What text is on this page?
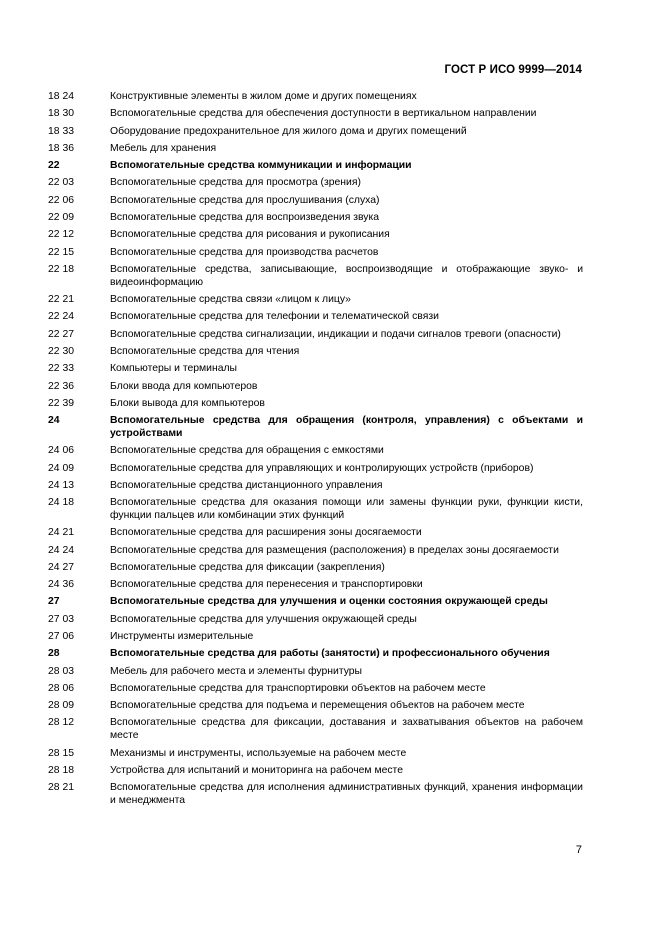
ГОСТ Р ИСО 9999—2014
18 24	Конструктивные элементы в жилом доме и других помещениях
18 30	Вспомогательные средства для обеспечения доступности в вертикальном направлении
18 33	Оборудование предохранительное для жилого дома и других помещений
18 36	Мебель для хранения
22	Вспомогательные средства коммуникации и информации
22 03	Вспомогательные средства для просмотра (зрения)
22 06	Вспомогательные средства для прослушивания (слуха)
22 09	Вспомогательные средства для воспроизведения звука
22 12	Вспомогательные средства для рисования и рукописания
22 15	Вспомогательные средства для производства расчетов
22 18	Вспомогательные средства, записывающие, воспроизводящие и отображающие звуко- и видеоинформацию
22 21	Вспомогательные средства связи «лицом к лицу»
22 24	Вспомогательные средства для телефонии и телематической связи
22 27	Вспомогательные средства сигнализации, индикации и подачи сигналов тревоги (опасности)
22 30	Вспомогательные средства для чтения
22 33	Компьютеры и терминалы
22 36	Блоки ввода для компьютеров
22 39	Блоки вывода для компьютеров
24	Вспомогательные средства для обращения (контроля, управления) с объектами и устройствами
24 06	Вспомогательные средства для обращения с емкостями
24 09	Вспомогательные средства для управляющих и контролирующих устройств (приборов)
24 13	Вспомогательные средства дистанционного управления
24 18	Вспомогательные средства для оказания помощи или замены функции руки, функции кисти, функции пальцев или комбинации этих функций
24 21	Вспомогательные средства для расширения зоны досягаемости
24 24	Вспомогательные средства для размещения (расположения) в пределах зоны досягаемости
24 27	Вспомогательные средства для фиксации (закрепления)
24 36	Вспомогательные средства для перенесения и транспортировки
27	Вспомогательные средства для улучшения и оценки состояния окружающей среды
27 03	Вспомогательные средства для улучшения окружающей среды
27 06	Инструменты измерительные
28	Вспомогательные средства для работы (занятости) и профессионального обучения
28 03	Мебель для рабочего места и элементы фурнитуры
28 06	Вспомогательные средства для транспортировки объектов на рабочем месте
28 09	Вспомогательные средства для подъема и перемещения объектов на рабочем месте
28 12	Вспомогательные средства для фиксации, доставания и захватывания объектов на рабочем месте
28 15	Механизмы и инструменты, используемые на рабочем месте
28 18	Устройства для испытаний и мониторинга на рабочем месте
28 21	Вспомогательные средства для исполнения административных функций, хранения информации и менеджмента
7
